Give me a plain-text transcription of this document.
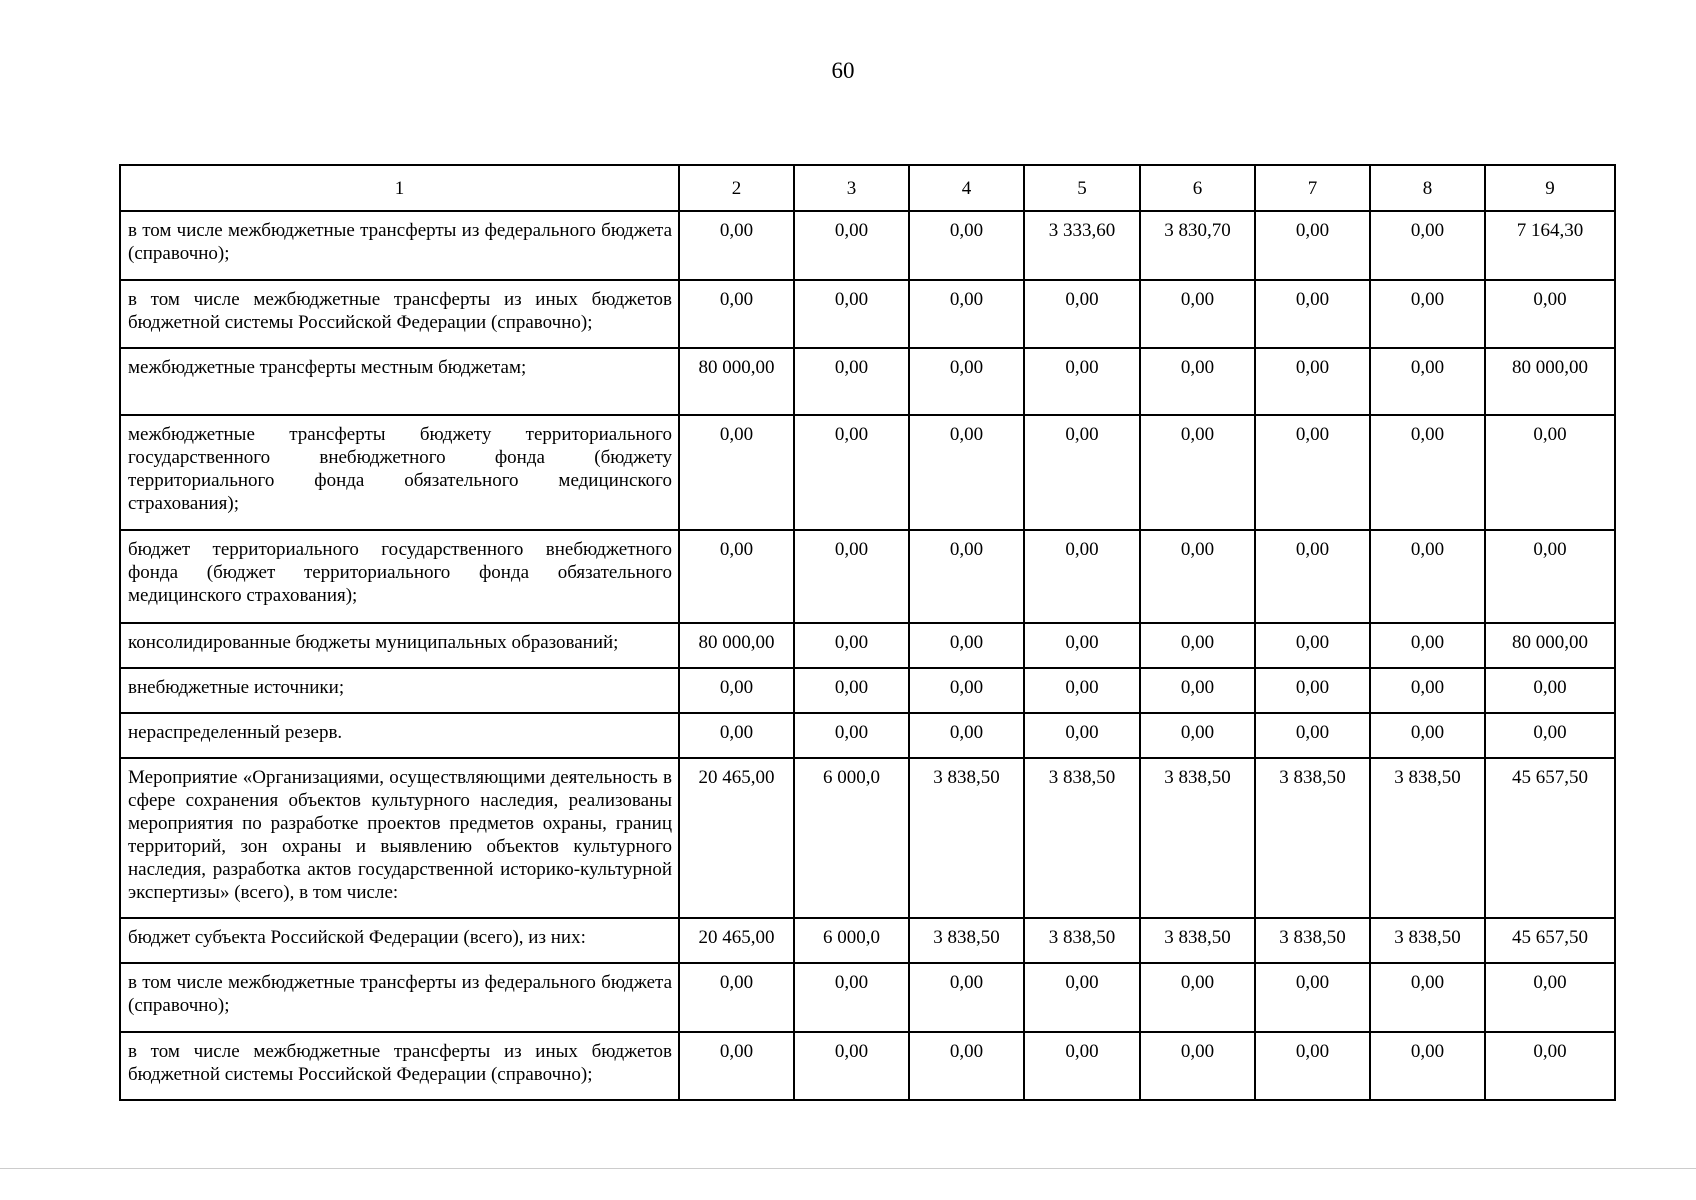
60
1	2	3	4	5	6	7	8	9
в том числе межбюджетные трансферты из федерального бюджета (справочно);	0,00	0,00	0,00	3 333,60	3 830,70	0,00	0,00	7 164,30
в том числе межбюджетные трансферты из иных бюджетов бюджетной системы Российской Федерации (справочно);	0,00	0,00	0,00	0,00	0,00	0,00	0,00	0,00
межбюджетные трансферты местным бюджетам;	80 000,00	0,00	0,00	0,00	0,00	0,00	0,00	80 000,00
межбюджетные трансферты бюджету территориального государственного внебюджетного фонда (бюджету территориального фонда обязательного медицинского страхования);	0,00	0,00	0,00	0,00	0,00	0,00	0,00	0,00
бюджет территориального государственного внебюджетного фонда (бюджет территориального фонда обязательного медицинского страхования);	0,00	0,00	0,00	0,00	0,00	0,00	0,00	0,00
консолидированные бюджеты муниципальных образований;	80 000,00	0,00	0,00	0,00	0,00	0,00	0,00	80 000,00
внебюджетные источники;	0,00	0,00	0,00	0,00	0,00	0,00	0,00	0,00
нераспределенный резерв.	0,00	0,00	0,00	0,00	0,00	0,00	0,00	0,00
Мероприятие «Организациями, осуществляющими деятельность в сфере сохранения объектов культурного наследия, реализованы мероприятия по разработке проектов предметов охраны, границ территорий, зон охраны и выявлению объектов культурного наследия, разработка актов государственной историко-культурной экспертизы» (всего), в том числе:	20 465,00	6 000,0	3 838,50	3 838,50	3 838,50	3 838,50	3 838,50	45 657,50
бюджет субъекта Российской Федерации (всего), из них:	20 465,00	6 000,0	3 838,50	3 838,50	3 838,50	3 838,50	3 838,50	45 657,50
в том числе межбюджетные трансферты из федерального бюджета (справочно);	0,00	0,00	0,00	0,00	0,00	0,00	0,00	0,00
в том числе межбюджетные трансферты из иных бюджетов бюджетной системы Российской Федерации (справочно);	0,00	0,00	0,00	0,00	0,00	0,00	0,00	0,00
